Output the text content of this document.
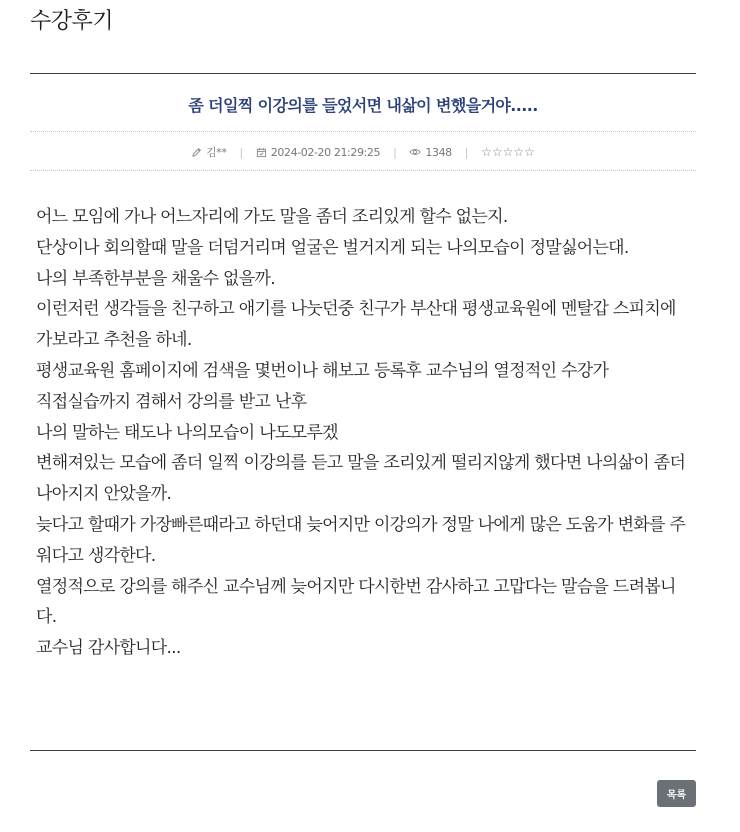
수강후기
좀 더일찍 이강의를 들었서면 내삶이 변했을거야.....
김** |	2024-02-20 21:29:25 |	1348 | ☆ ☆ ☆ ☆ ☆

어느 모임에 가나 어느자리에 가도 말을 좀더 조리있게 할수 없는지.

단상이나 회의할때 말을 더덤거리며 얼굴은 벌거지게 되는 나의모습이 정말싫어는대.

나의 부족한부분을 채울수 없을까.

이런저런 생각들을 친구하고 애기를 나눗던중 친구가 부산대 평생교육원에 멘탈갑 스피치에 가보라고 추천을 하네.

평생교육원 홈페이지에 검색을 몇번이나 해보고 등록후 교수님의 열정적인 수강가

직접실습까지 겸해서 강의를 받고 난후

나의 말하는 태도나 나의모습이 나도모루겠

변해져있는 모습에 좀더 일찍 이강의를 듣고 말을 조리있게 떨리지않게 했다면 나의삶이 좀더 나아지지 안았을까.

늦다고 할때가 가장빠른때라고 하던대 늦어지만 이강의가 정말 나에게 많은 도움가 변화를 주워다고 생각한다.

열정적으로 강의를 해주신 교수님께 늦어지만 다시한번 감사하고 고맙다는 말슴을 드려봅니다.

교수님 감사합니다...

목록
